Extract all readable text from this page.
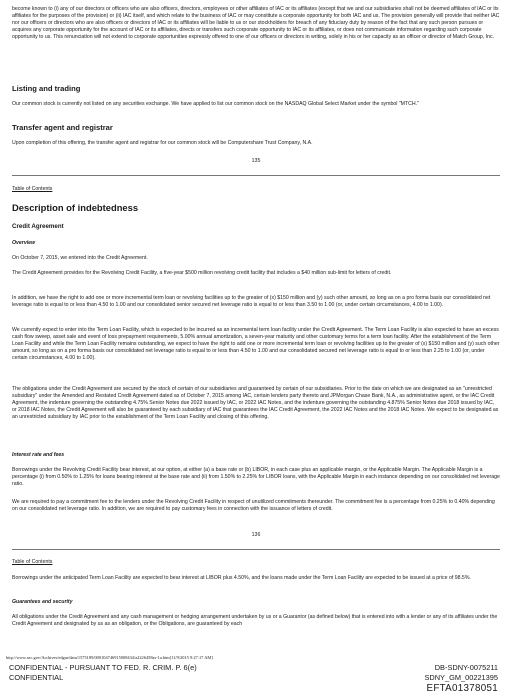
become known to (i) any of our directors or officers who are also officers, directors, employees or other affiliates of IAC or its affiliates (except that we and our subsidiaries shall not be deemed affiliates of IAC or its affiliates for the purposes of the provision) or (ii) IAC itself, and which relate to the business of IAC or may constitute a corporate opportunity for both IAC and us. The provision generally will provide that neither IAC nor our officers or directors who are also officers or directors of IAC or its affiliates will be liable to us or our stockholders for breach of any fiduciary duty by reason of the fact that any such person pursues or acquires any corporate opportunity for the account of IAC or its affiliates, directs or transfers such corporate opportunity to IAC or its affiliates, or does not communicate information regarding such corporate opportunity to us. This renunciation will not extend to corporate opportunities expressly offered to one of our officers or directors in writing, solely in his or her capacity as an officer or director of Match Group, Inc.

Listing and trading

Our common stock is currently not listed on any securities exchange. We have applied to list our common stock on the NASDAQ Global Select Market under the symbol "MTCH."

Transfer agent and registrar

Upon completion of this offering, the transfer agent and registrar for our common stock will be Computershare Trust Company, N.A.

135
Table of Contents
Description of indebtedness
Credit Agreement
Overview

On October 7, 2015, we entered into the Credit Agreement.

The Credit Agreement provides for the Revolving Credit Facility, a five-year $500 million revolving credit facility that includes a $40 million sub-limit for letters of credit.

In addition, we have the right to add one or more incremental term loan or revolving facilities up to the greater of (x) $150 million and (y) such other amount, so long as on a pro forma basis our consolidated net leverage ratio is equal to or less than 4.50 to 1.00 and our consolidated senior secured net leverage ratio is equal to or less than 3.50 to 1.00 (or, under certain circumstances, 4.00 to 1.00).

We currently expect to enter into the Term Loan Facility, which is expected to be incurred as an incremental term loan facility under the Credit Agreement. The Term Loan Facility is also expected to have an excess cash flow sweep, asset sale and event of loss prepayment requirements, 5.00% annual amortization, a seven-year maturity and other customary terms for a term loan facility. After the establishment of the Term Loan Facility and while the Term Loan Facility remains outstanding, we expect to have the right to add one or more incremental term loan or revolving facilities up to the greater of (x) $150 million and (y) such other amount, so long as on a pro forma basis our consolidated net leverage ratio is equal to or less than 4.50 to 1.00 and our consolidated secured net leverage ratio is equal to or less than 2.25 to 1.00 (or, under certain circumstances, 4.00 to 1.00).

The obligations under the Credit Agreement are secured by the stock of certain of our subsidiaries and guaranteed by certain of our subsidiaries. Prior to the date on which we are designated as an "unrestricted subsidiary" under the Amended and Restated Credit Agreement dated as of October 7, 2015 among IAC, certain lenders party thereto and JPMorgan Chase Bank, N.A., as administrative agent, or the IAC Credit Agreement, the indenture governing the outstanding 4.75% Senior Notes due 2022 issued by IAC, or 2022 IAC Notes, and the indenture governing the outstanding 4.875% Senior Notes due 2018 issued by IAC, or 2018 IAC Notes, the Credit Agreement will also be guaranteed by each subsidiary of IAC that guarantees the IAC Credit Agreement, the 2022 IAC Notes and the 2018 IAC Notes. We expect to be designated as an unrestricted subsidiary by IAC prior to the establishment of the Term Loan Facility and closing of this offering.

Interest rate and fees

Borrowings under the Revolving Credit Facility bear interest, at our option, at either (a) a base rate or (b) LIBOR, in each case plus an applicable margin, or the Applicable Margin. The Applicable Margin is a percentage (i) from 0.50% to 1.25% for loans bearing interest at the base rate and (ii) from 1.50% to 2.25% for LIBOR loans, with the Applicable Margin in each instance depending on our consolidated net leverage ratio.

We are required to pay a commitment fee to the lenders under the Revolving Credit Facility in respect of unutilized commitments thereunder. The commitment fee is a percentage from 0.25% to 0.40% depending on our consolidated net leverage ratio. In addition, we are required to pay customary fees in connection with the issuance of letters of credit.

136
Table of Contents

Borrowings under the anticipated Term Loan Facility are expected to bear interest at LIBOR plus 4.50%, and the loans made under the Term Loan Facility are expected to be issued at a price of 98.5%.

Guarantees and security

All obligations under the Credit Agreement and any cash management or hedging arrangement undertaken by us or a Guarantor (as defined below) that is entered into with a lender or any of its affiliates under the Credit Agreement and designated by us as an obligation, or the Obligations, are guaranteed by each

http://www.sec.gov/Archives/edgar/data/1575189/000104746915008434/a2226458zs-1a.htm[11/9/2015 9:27:17 AM]
CONFIDENTIAL - PURSUANT TO FED. R. CRIM. P. 6(e)
CONFIDENTIAL
DB-SDNY-0075211
SDNY_GM_00221395
EFTA01378051
